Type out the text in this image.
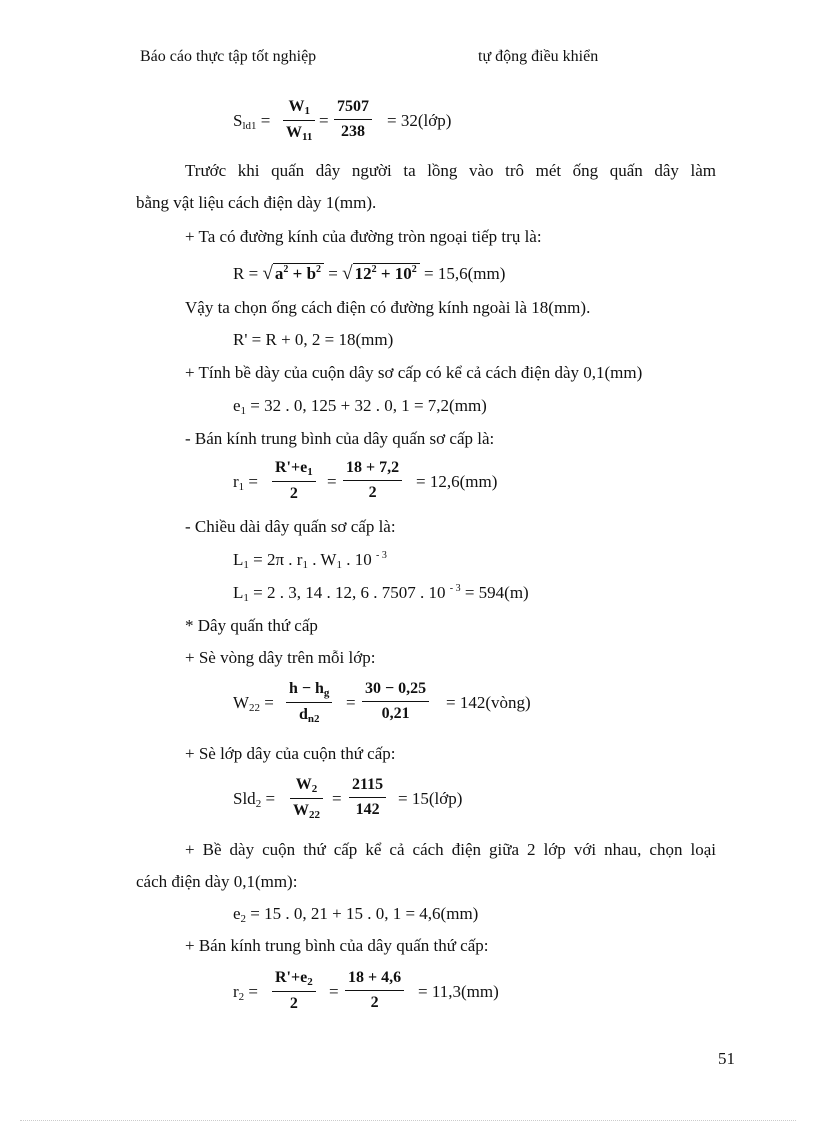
Báo cáo thực tập tốt nghiệp	tự động điều khiển
$S_{ld1} = \frac{W_1}{W_{11}} = \frac{7507}{238}$ = 32(lớp)
Trước khi quấn dây người ta lồng vào trô mét ống quấn dây làm
bằng vật liệu cách điện dày 1(mm).
+ Ta có đường kính của đường tròn ngoại tiếp trụ là:
R = √ $a^2 + b^2$ = √ $12^2 + 10^2 = 15,6(mm)$
Vậy ta chọn ống cách điện có đường kính ngoài là 18(mm).
R' = R + 0, 2 = 18(mm)
+ Tính bề dày của cuộn dây sơ cấp có kể cả cách điện dày 0,1(mm)
$e_1 = 32$ . 0, 125 + 32 . 0, 1 = 7,2(mm)
- Bán kính trung bình của dây quấn sơ cấp là:
$r_1 = \frac{R'+e_1}{2} = \frac{18 + 7,2}{2} = 12,6(mm)$
- Chiều dài dây quấn sơ cấp là:
$L_1 = 2\pi$ . $r_1$ . $W_1$ . 10 $^{- 3}$
$L_1 = 2$ . 3, 14 . 12, 6 . 7507 . 10 $^{- 3}$ = 594(m)
* Dây quấn thứ cấp
+ Sè vòng dây trên mỗi lớp:
$W_{22} = \frac{h - h_g}{d_{n2}} = \frac{30 - 0,25}{0,21}$ = 142(vòng)
+ Sè lớp dây của cuộn thứ cấp:
$Sld_2 = \frac{W_2}{W_{22}} = \frac{2115}{142}$ = 15(lớp)
+ Bề dày cuộn thứ cấp kể cả cách điện giữa 2 lớp với nhau, chọn loại
cách điện dày 0,1(mm):
$e_2 = 15$ . 0, 21 + 15 . 0, 1 = 4,6(mm)
+ Bán kính trung bình của dây quấn thứ cấp:
$r_2 = \frac{R'+e_2}{2} = \frac{18 + 4,6}{2} = 11,3(mm)$
51
